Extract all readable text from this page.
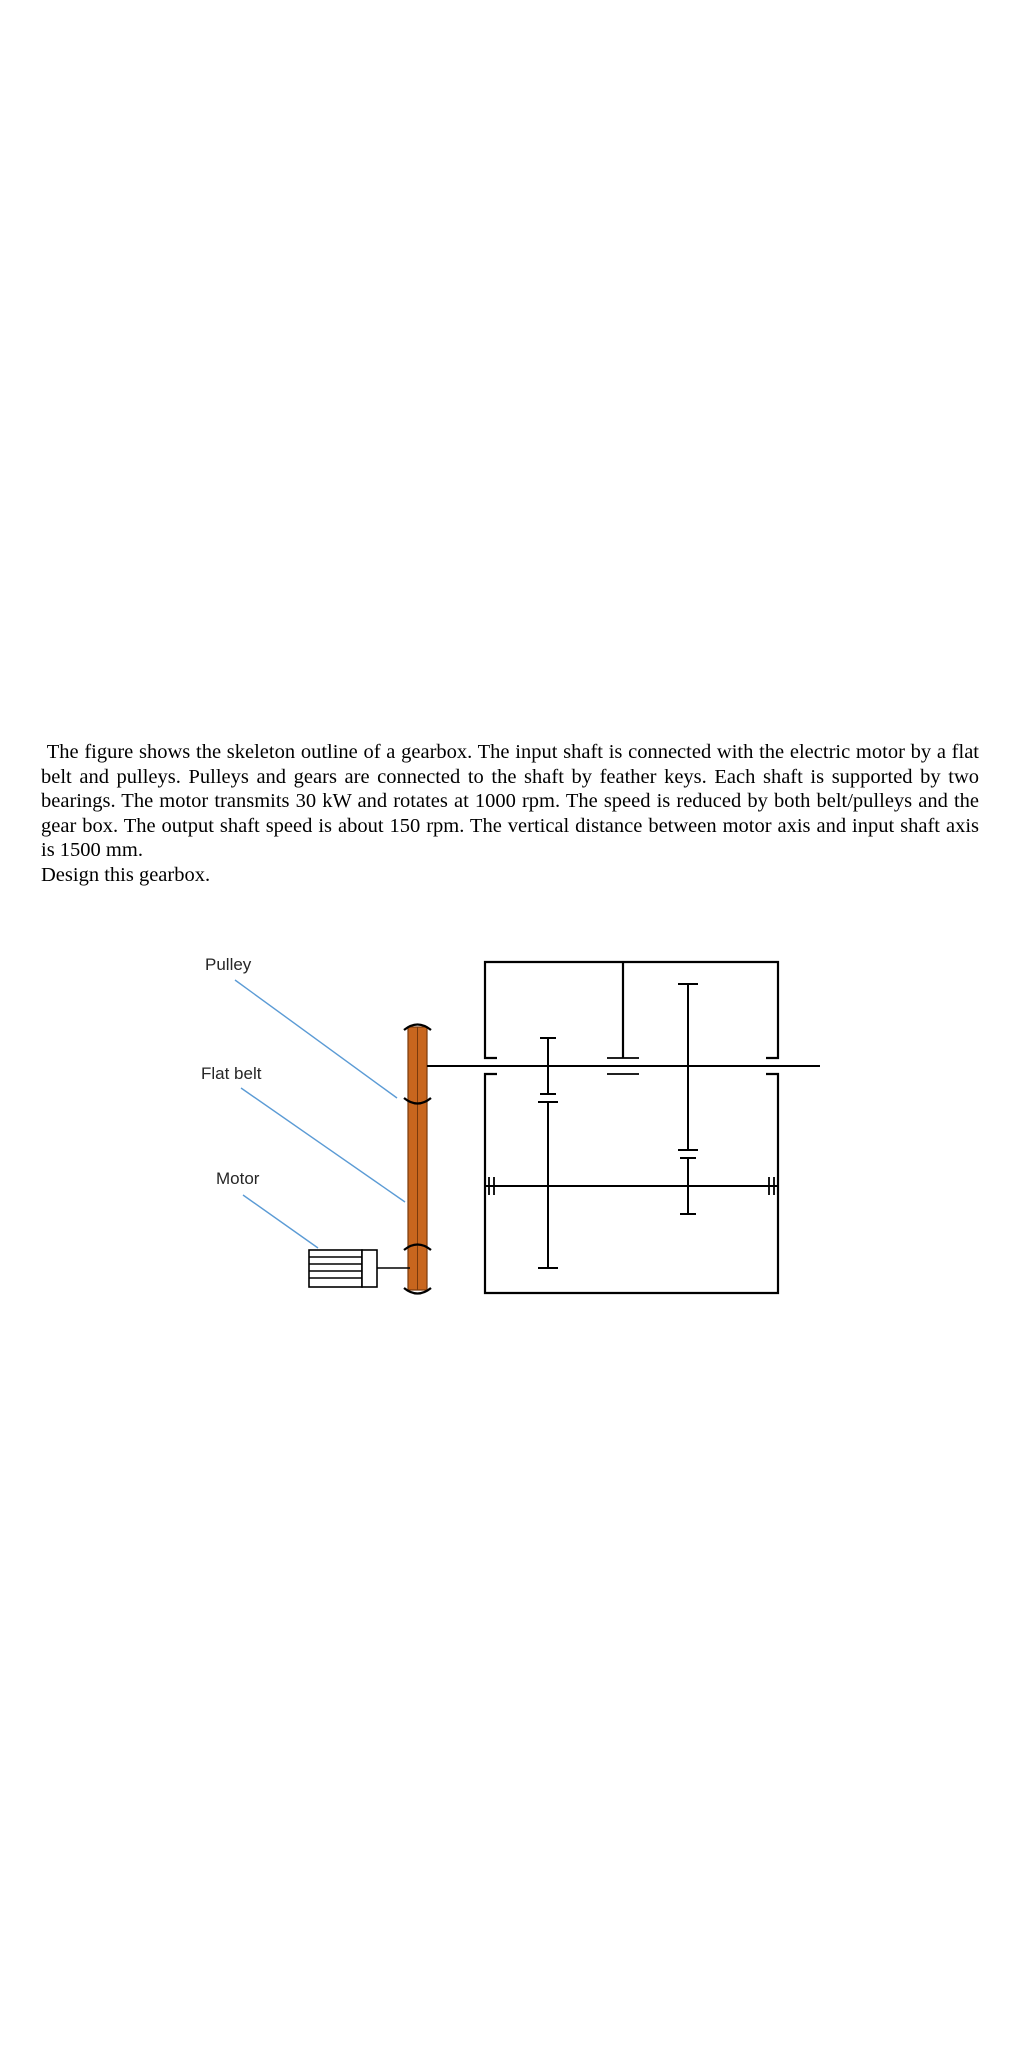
The figure shows the skeleton outline of a gearbox. The input shaft is connected with the electric motor by a flat belt and pulleys. Pulleys and gears are connected to the shaft by feather keys. Each shaft is supported by two bearings. The motor transmits 30 kW and rotates at 1000 rpm. The speed is reduced by both belt/pulleys and the gear box. The output shaft speed is about 150 rpm. The vertical distance between motor axis and input shaft axis is 1500 mm.

Design this gearbox.

Pulley
Flat belt
Motor
